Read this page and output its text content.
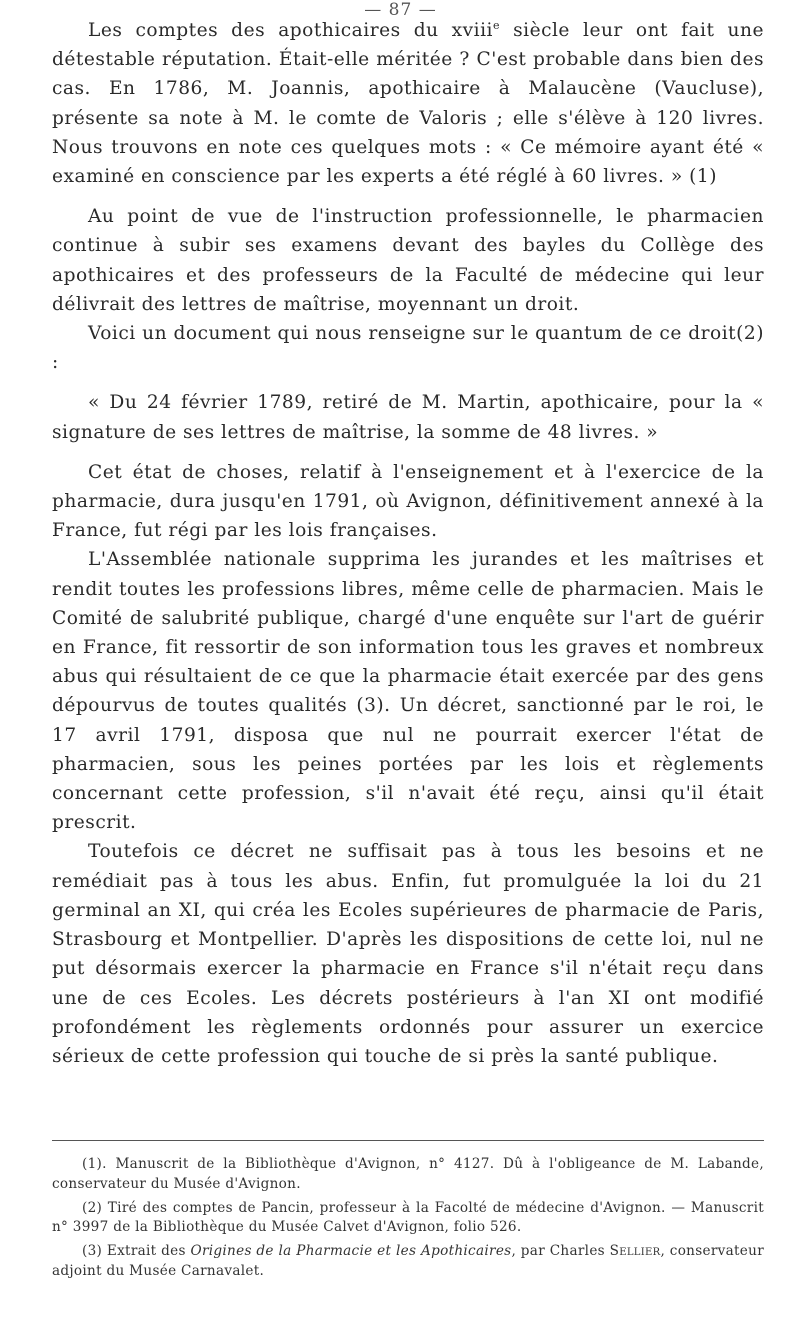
— 87 —

Les comptes des apothicaires du xviii$^e$ siècle leur ont fait une détestable réputation. Était-elle méritée ? C'est probable dans bien des cas. En 1786, M. Joannis, apothicaire à Malaucène (Vaucluse), présente sa note à M. le comte de Valoris ; elle s'élève à 120 livres. Nous trouvons en note ces quelques mots : « Ce mémoire ayant été « examiné en conscience par les experts a été réglé à 60 livres. » (1)

Au point de vue de l'instruction professionnelle, le pharmacien continue à subir ses examens devant des bayles du Collège des apothicaires et des professeurs de la Faculté de médecine qui leur délivrait des lettres de maîtrise, moyennant un droit.

Voici un document qui nous renseigne sur le quantum de ce droit(2) :

« Du 24 février 1789, retiré de M. Martin, apothicaire, pour la « signature de ses lettres de maîtrise, la somme de 48 livres. »

Cet état de choses, relatif à l'enseignement et à l'exercice de la pharmacie, dura jusqu'en 1791, où Avignon, définitivement annexé à la France, fut régi par les lois françaises.

L'Assemblée nationale supprima les jurandes et les maîtrises et rendit toutes les professions libres, même celle de pharmacien. Mais le Comité de salubrité publique, chargé d'une enquête sur l'art de guérir en France, fit ressortir de son information tous les graves et nombreux abus qui résultaient de ce que la pharmacie était exercée par des gens dépourvus de toutes qualités (3). Un décret, sanctionné par le roi, le 17 avril 1791, disposa que nul ne pourrait exercer l'état de pharmacien, sous les peines portées par les lois et règlements concernant cette profession, s'il n'avait été reçu, ainsi qu'il était prescrit.

Toutefois ce décret ne suffisait pas à tous les besoins et ne remédiait pas à tous les abus. Enfin, fut promulguée la loi du 21 germinal an XI, qui créa les Ecoles supérieures de pharmacie de Paris, Strasbourg et Montpellier. D'après les dispositions de cette loi, nul ne put désormais exercer la pharmacie en France s'il n'était reçu dans une de ces Ecoles. Les décrets postérieurs à l'an XI ont modifié profondément les règlements ordonnés pour assurer un exercice sérieux de cette profession qui touche de si près la santé publique.

(1). Manuscrit de la Bibliothèque d'Avignon, n° 4127. Dû à l'obligeance de M. Labande, conservateur du Musée d'Avignon.

(2) Tiré des comptes de Pancin, professeur à la Facolté de médecine d'Avignon. — Manuscrit n° 3997 de la Bibliothèque du Musée Calvet d'Avignon, folio 526.

(3) Extrait des Origines de la Pharmacie et les Apothicaires, par Charles Sellier, conservateur adjoint du Musée Carnavalet.
